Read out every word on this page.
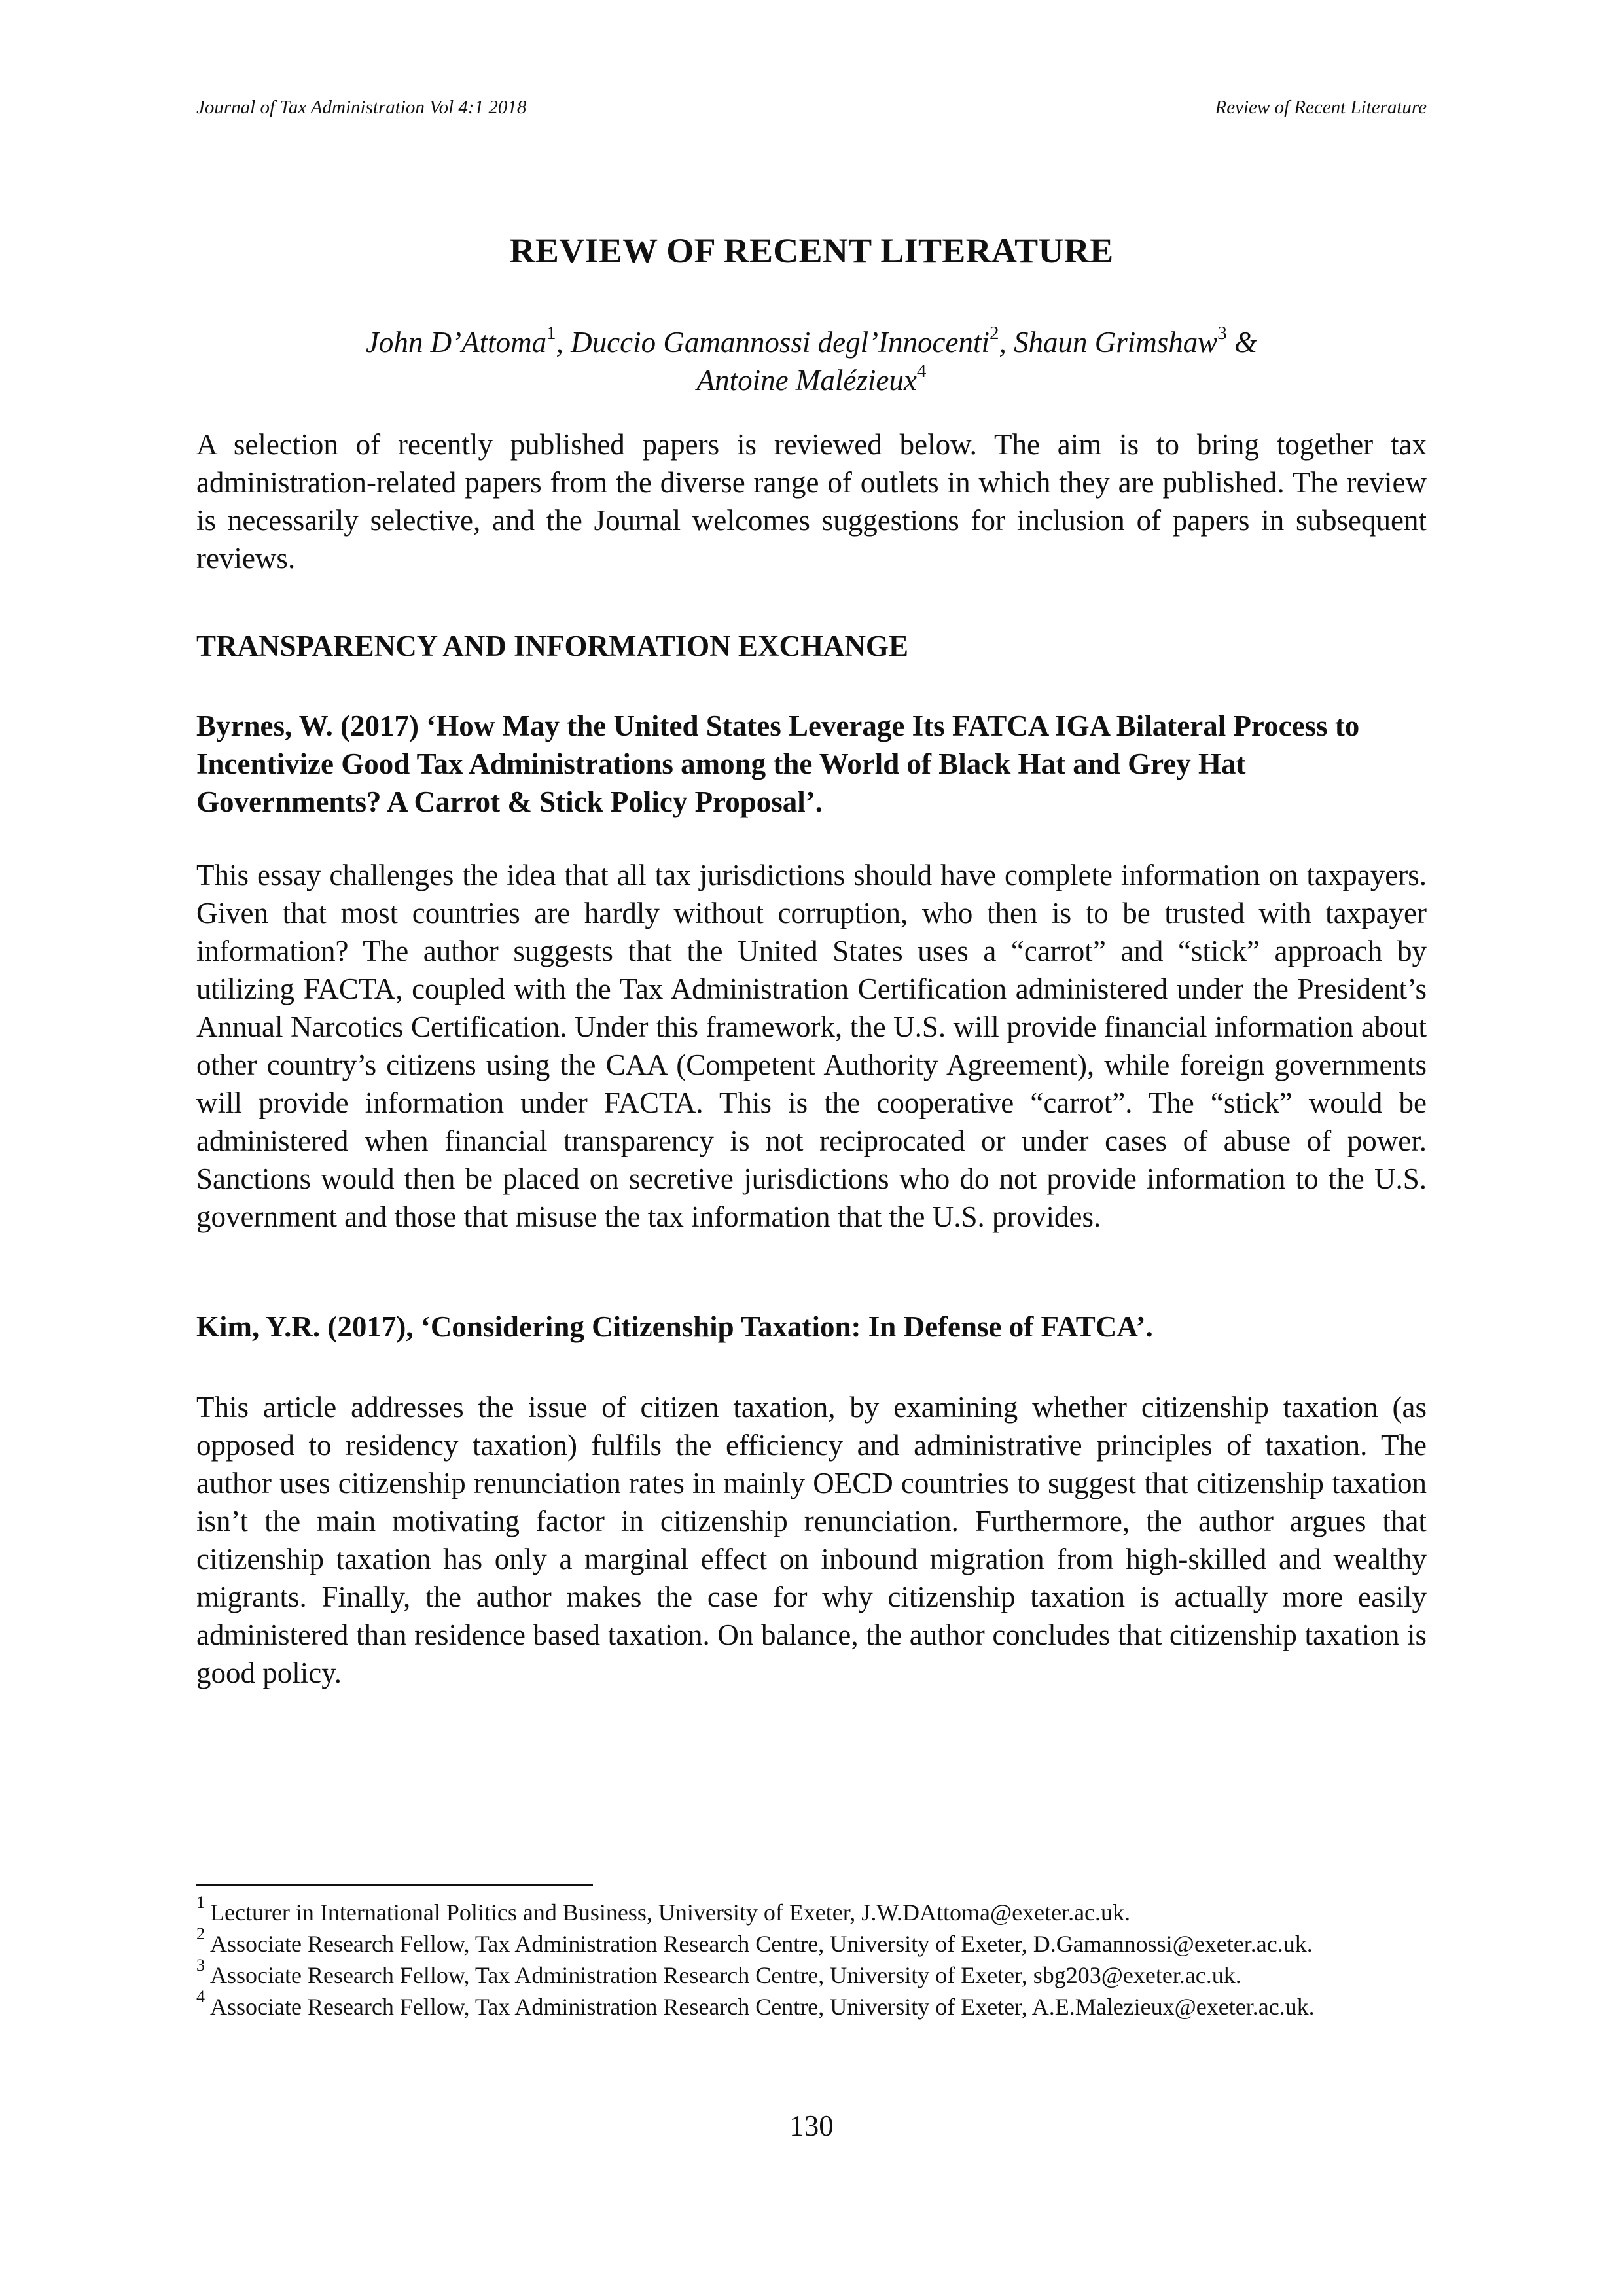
Journal of Tax Administration Vol 4:1 2018	Review of Recent Literature
REVIEW OF RECENT LITERATURE
John D’Attoma$^1$, Duccio Gamannossi degl’Innocenti$^2$, Shaun Grimshaw$^3$ &
Antoine Malézieux$^4$

A selection of recently published papers is reviewed below. The aim is to bring together tax administration-related papers from the diverse range of outlets in which they are published. The review is necessarily selective, and the Journal welcomes suggestions for inclusion of papers in subsequent reviews.

TRANSPARENCY AND INFORMATION EXCHANGE
Byrnes, W. (2017) ‘How May the United States Leverage Its FATCA IGA Bilateral Process to Incentivize Good Tax Administrations among the World of Black Hat and Grey Hat Governments? A Carrot & Stick Policy Proposal’.

This essay challenges the idea that all tax jurisdictions should have complete information on taxpayers. Given that most countries are hardly without corruption, who then is to be trusted with taxpayer information? The author suggests that the United States uses a “carrot” and “stick” approach by utilizing FACTA, coupled with the Tax Administration Certification administered under the President’s Annual Narcotics Certification. Under this framework, the U.S. will provide financial information about other country’s citizens using the CAA (Competent Authority Agreement), while foreign governments will provide information under FACTA. This is the cooperative “carrot”. The “stick” would be administered when financial transparency is not reciprocated or under cases of abuse of power. Sanctions would then be placed on secretive jurisdictions who do not provide information to the U.S. government and those that misuse the tax information that the U.S. provides.

Kim, Y.R. (2017), ‘Considering Citizenship Taxation: In Defense of FATCA’.

This article addresses the issue of citizen taxation, by examining whether citizenship taxation (as opposed to residency taxation) fulfils the efficiency and administrative principles of taxation. The author uses citizenship renunciation rates in mainly OECD countries to suggest that citizenship taxation isn’t the main motivating factor in citizenship renunciation. Furthermore, the author argues that citizenship taxation has only a marginal effect on inbound migration from high-skilled and wealthy migrants. Finally, the author makes the case for why citizenship taxation is actually more easily administered than residence based taxation. On balance, the author concludes that citizenship taxation is good policy.

$^1$ Lecturer in International Politics and Business, University of Exeter, J.W.DAttoma@exeter.ac.uk.

$^2$ Associate Research Fellow, Tax Administration Research Centre, University of Exeter, D.Gamannossi@exeter.ac.uk.

$^3$ Associate Research Fellow, Tax Administration Research Centre, University of Exeter, sbg203@exeter.ac.uk.

$^4$ Associate Research Fellow, Tax Administration Research Centre, University of Exeter, A.E.Malezieux@exeter.ac.uk.

130
